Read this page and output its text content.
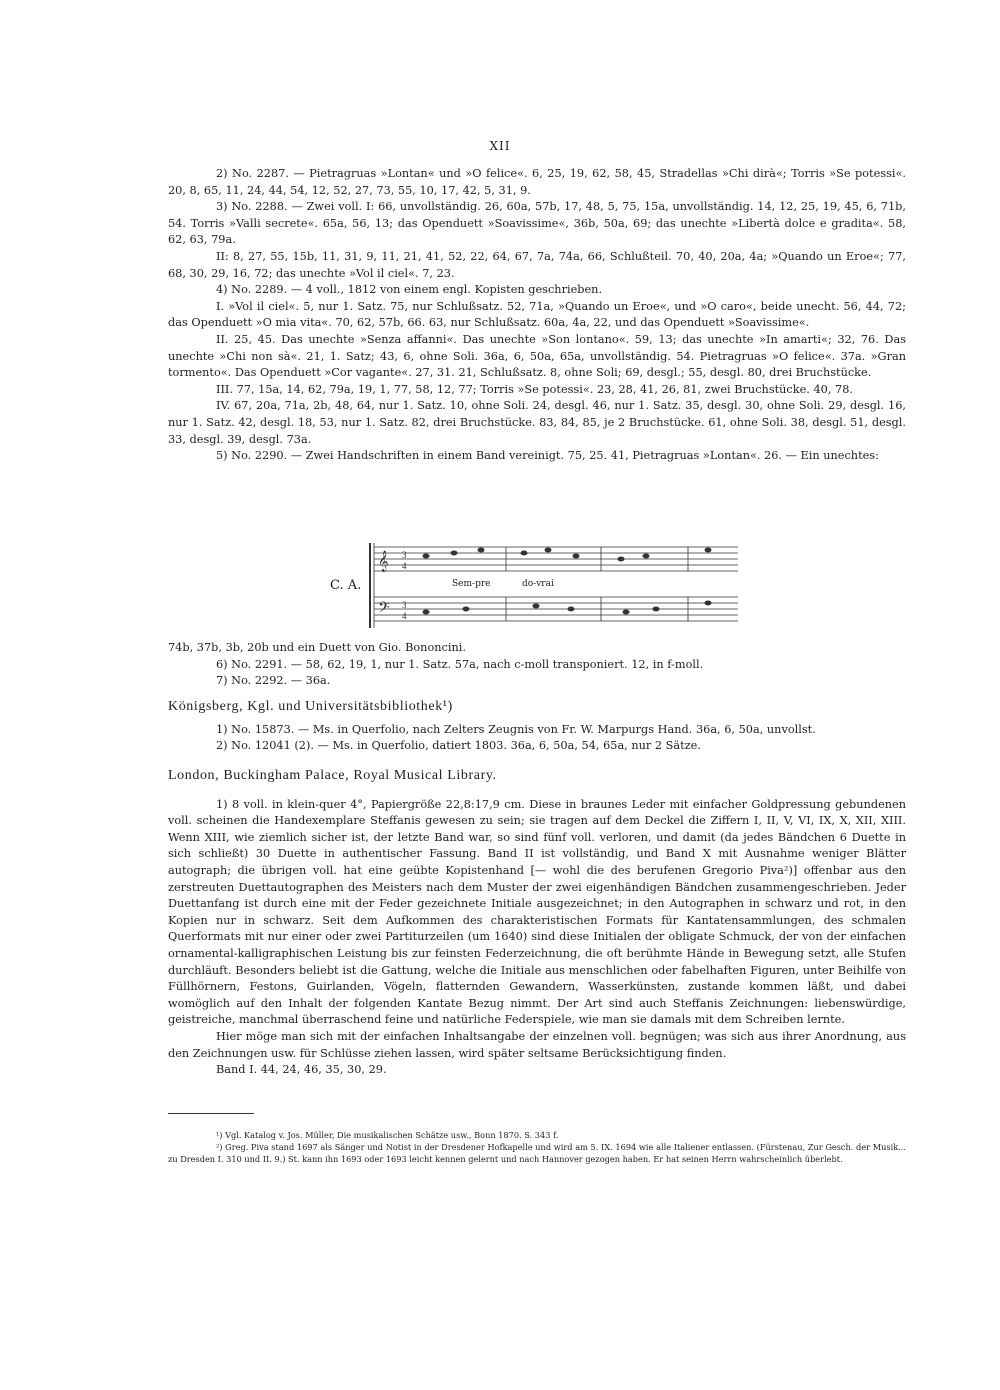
XII

2) No. 2287. — Pietragruas »Lontan« und »O felice«. 6, 25, 19, 62, 58, 45, Stradellas »Chi dirà«; Torris »Se potessi«. 20, 8, 65, 11, 24, 44, 54, 12, 52, 27, 73, 55, 10, 17, 42, 5, 31, 9.

3) No. 2288. — Zwei voll. I: 66, unvollständig. 26, 60a, 57b, 17, 48, 5, 75, 15a, unvollständig. 14, 12, 25, 19, 45, 6, 71b, 54. Torris »Valli secrete«. 65a, 56, 13; das Openduett »Soavissime«, 36b, 50a, 69; das unechte »Libertà dolce e gradita«. 58, 62, 63, 79a.

II: 8, 27, 55, 15b, 11, 31, 9, 11, 21, 41, 52, 22, 64, 67, 7a, 74a, 66, Schlußteil. 70, 40, 20a, 4a; »Quando un Eroe«; 77, 68, 30, 29, 16, 72; das unechte »Vol il ciel«. 7, 23.

4) No. 2289. — 4 voll., 1812 von einem engl. Kopisten geschrieben.

I. »Vol il ciel«. 5, nur 1. Satz. 75, nur Schlußsatz. 52, 71a, »Quando un Eroe«, und »O caro«, beide unecht. 56, 44, 72; das Openduett »O mia vita«. 70, 62, 57b, 66. 63, nur Schlußsatz. 60a, 4a, 22, und das Openduett »Soavissime«.

II. 25, 45. Das unechte »Senza affanni«. Das unechte »Son lontano«. 59, 13; das unechte »In amarti«; 32, 76. Das unechte »Chi non sà«. 21, 1. Satz; 43, 6, ohne Soli. 36a, 6, 50a, 65a, unvollständig. 54. Pietragruas »O felice«. 37a. »Gran tormento«. Das Openduett »Cor vagante«. 27, 31. 21, Schlußsatz. 8, ohne Soli; 69, desgl.; 55, desgl. 80, drei Bruchstücke.

III. 77, 15a, 14, 62, 79a, 19, 1, 77, 58, 12, 77; Torris »Se potessi«. 23, 28, 41, 26, 81, zwei Bruchstücke. 40, 78.

IV. 67, 20a, 71a, 2b, 48, 64, nur 1. Satz. 10, ohne Soli. 24, desgl. 46, nur 1. Satz. 35, desgl. 30, ohne Soli. 29, desgl. 16, nur 1. Satz. 42, desgl. 18, 53, nur 1. Satz. 82, drei Bruchstücke. 83, 84, 85, je 2 Bruchstücke. 61, ohne Soli. 38, desgl. 51, desgl. 33, desgl. 39, desgl. 73a.

5) No. 2290. — Zwei Handschriften in einem Band vereinigt. 75, 25. 41, Pietragruas »Lontan«. 26. — Ein unechtes:

𝄞
𝄢
3
4
3
4
C. A.	Sem-pre	do-vrai

74b, 37b, 3b, 20b und ein Duett von Gio. Bononcini.

6) No. 2291. — 58, 62, 19, 1, nur 1. Satz. 57a, nach c-moll transponiert. 12, in f-moll.

7) No. 2292. — 36a.

Königsberg, Kgl. und Universitätsbibliothek¹)

1) No. 15873. — Ms. in Querfolio, nach Zelters Zeugnis von Fr. W. Marpurgs Hand. 36a, 6, 50a, unvollst.

2) No. 12041 (2). — Ms. in Querfolio, datiert 1803. 36a, 6, 50a, 54, 65a, nur 2 Sätze.

London, Buckingham Palace, Royal Musical Library.

1) 8 voll. in klein-quer 4°, Papiergröße 22,8:17,9 cm. Diese in braunes Leder mit einfacher Goldpressung gebundenen voll. scheinen die Handexemplare Steffanis gewesen zu sein; sie tragen auf dem Deckel die Ziffern I, II, V, VI, IX, X, XII, XIII. Wenn XIII, wie ziemlich sicher ist, der letzte Band war, so sind fünf voll. verloren, und damit (da jedes Bändchen 6 Duette in sich schließt) 30 Duette in authentischer Fassung. Band II ist vollständig, und Band X mit Ausnahme weniger Blätter autograph; die übrigen voll. hat eine geübte Kopistenhand [— wohl die des berufenen Gregorio Piva²)] offenbar aus den zerstreuten Duettautographen des Meisters nach dem Muster der zwei eigenhändigen Bändchen zusammengeschrieben. Jeder Duettanfang ist durch eine mit der Feder gezeichnete Initiale ausgezeichnet; in den Autographen in schwarz und rot, in den Kopien nur in schwarz. Seit dem Aufkommen des charakteristischen Formats für Kantatensammlungen, des schmalen Querformats mit nur einer oder zwei Partiturzeilen (um 1640) sind diese Initialen der obligate Schmuck, der von der einfachen ornamental-kalligraphischen Leistung bis zur feinsten Federzeichnung, die oft berühmte Hände in Bewegung setzt, alle Stufen durchläuft. Besonders beliebt ist die Gattung, welche die Initiale aus menschlichen oder fabelhaften Figuren, unter Beihilfe von Füllhörnern, Festons, Guirlanden, Vögeln, flatternden Gewandern, Wasserkünsten, zustande kommen läßt, und dabei womöglich auf den Inhalt der folgenden Kantate Bezug nimmt. Der Art sind auch Steffanis Zeichnungen: liebenswürdige, geistreiche, manchmal überraschend feine und natürliche Federspiele, wie man sie damals mit dem Schreiben lernte.

Hier möge man sich mit der einfachen Inhaltsangabe der einzelnen voll. begnügen; was sich aus ihrer Anordnung, aus den Zeichnungen usw. für Schlüsse ziehen lassen, wird später seltsame Berücksichtigung finden.

Band I. 44, 24, 46, 35, 30, 29.

¹) Vgl. Katalog v. Jos. Müller, Die musikalischen Schätze usw., Bonn 1870. S. 343 f.

²) Greg. Piva stand 1697 als Sänger und Notist in der Dresdener Hofkapelle und wird am 5. IX. 1694 wie alle Italiener entlassen. (Fürstenau, Zur Gesch. der Musik... zu Dresden I. 310 und II. 9.) St. kann ihn 1693 oder 1693 leicht kennen gelernt und nach Hannover gezogen haben. Er hat seinen Herrn wahrscheinlich überlebt.
